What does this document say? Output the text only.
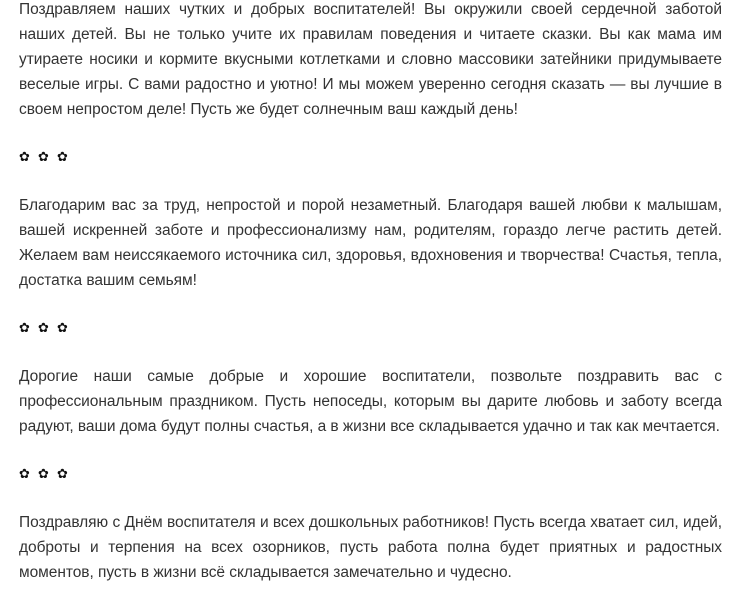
Поздравляем наших чутких и добрых воспитателей! Вы окружили своей сердечной заботой наших детей. Вы не только учите их правилам поведения и читаете сказки. Вы как мама им утираете носики и кормите вкусными котлетками и словно массовики затейники придумываете веселые игры. С вами радостно и уютно! И мы можем уверенно сегодня сказать — вы лучшие в своем непростом деле! Пусть же будет солнечным ваш каждый день!

✿ ✿ ✿

Благодарим вас за труд, непростой и порой незаметный. Благодаря вашей любви к малышам, вашей искренней заботе и профессионализму нам, родителям, гораздо легче растить детей. Желаем вам неиссякаемого источника сил, здоровья, вдохновения и творчества! Счастья, тепла, достатка вашим семьям!

✿ ✿ ✿

Дорогие наши самые добрые и хорошие воспитатели, позвольте поздравить вас с профессиональным праздником. Пусть непоседы, которым вы дарите любовь и заботу всегда радуют, ваши дома будут полны счастья, а в жизни все складывается удачно и так как мечтается.

✿ ✿ ✿

Поздравляю с Днём воспитателя и всех дошкольных работников! Пусть всегда хватает сил, идей, доброты и терпения на всех озорников, пусть работа полна будет приятных и радостных моментов, пусть в жизни всё складывается замечательно и чудесно.
